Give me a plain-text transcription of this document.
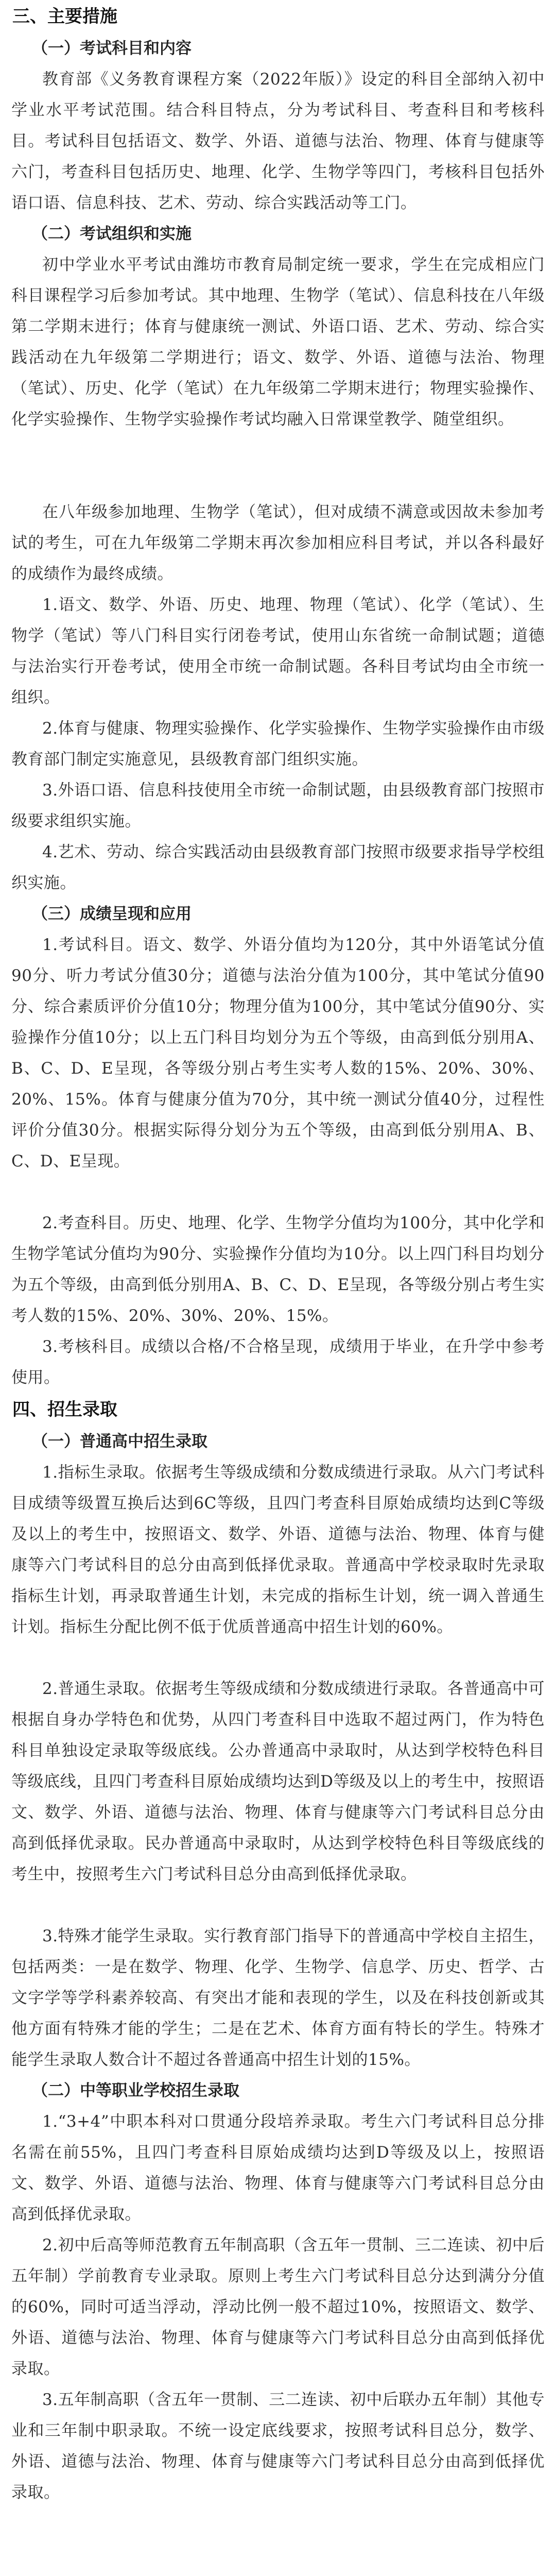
三、主要措施
（一）考试科目和内容

教育部《义务教育课程方案（2022年版）》设定的科目全部纳入初中学业水平考试范围。结合科目特点，分为考试科目、考查科目和考核科目。考试科目包括语文、数学、外语、道德与法治、物理、体育与健康等六门，考查科目包括历史、地理、化学、生物学等四门，考核科目包括外语口语、信息科技、艺术、劳动、综合实践活动等工门。

（二）考试组织和实施

初中学业水平考试由潍坊市教育局制定统一要求，学生在完成相应门科目课程学习后参加考试。其中地理、生物学（笔试）、信息科技在八年级第二学期末进行；体育与健康统一测试、外语口语、艺术、劳动、综合实践活动在九年级第二学期进行；语文、数学、外语、道德与法治、物理（笔试）、历史、化学（笔试）在九年级第二学期末进行；物理实验操作、化学实验操作、生物学实验操作考试均融入日常课堂教学、随堂组织。

在八年级参加地理、生物学（笔试），但对成绩不满意或因故未参加考试的考生，可在九年级第二学期末再次参加相应科目考试，并以各科最好的成绩作为最终成绩。

1.语文、数学、外语、历史、地理、物理（笔试）、化学（笔试）、生物学（笔试）等八门科目实行闭卷考试，使用山东省统一命制试题；道德与法治实行开卷考试，使用全市统一命制试题。各科目考试均由全市统一组织。

2.体育与健康、物理实验操作、化学实验操作、生物学实验操作由市级教育部门制定实施意见，县级教育部门组织实施。

3.外语口语、信息科技使用全市统一命制试题，由县级教育部门按照市级要求组织实施。

4.艺术、劳动、综合实践活动由县级教育部门按照市级要求指导学校组织实施。

（三）成绩呈现和应用

1.考试科目。语文、数学、外语分值均为120分，其中外语笔试分值90分、听力考试分值30分；道德与法治分值为100分，其中笔试分值90分、综合素质评价分值10分；物理分值为100分，其中笔试分值90分、实验操作分值10分；以上五门科目均划分为五个等级，由高到低分别用A、B、C、D、E呈现，各等级分别占考生实考人数的15%、20%、30%、20%、15%。体育与健康分值为70分，其中统一测试分值40分，过程性评价分值30分。根据实际得分划分为五个等级，由高到低分别用A、B、C、D、E呈现。

2.考查科目。历史、地理、化学、生物学分值均为100分，其中化学和生物学笔试分值均为90分、实验操作分值均为10分。以上四门科目均划分为五个等级，由高到低分别用A、B、C、D、E呈现，各等级分别占考生实考人数的15%、20%、30%、20%、15%。

3.考核科目。成绩以合格/不合格呈现，成绩用于毕业，在升学中参考使用。

四、招生录取
（一）普通高中招生录取

1.指标生录取。依据考生等级成绩和分数成绩进行录取。从六门考试科目成绩等级置互换后达到6C等级，且四门考查科目原始成绩均达到C等级及以上的考生中，按照语文、数学、外语、道德与法治、物理、体育与健康等六门考试科目的总分由高到低择优录取。普通高中学校录取时先录取指标生计划，再录取普通生计划，未完成的指标生计划，统一调入普通生计划。指标生分配比例不低于优质普通高中招生计划的60%。

2.普通生录取。依据考生等级成绩和分数成绩进行录取。各普通高中可根据自身办学特色和优势，从四门考查科目中选取不超过两门，作为特色科目单独设定录取等级底线。公办普通高中录取时，从达到学校特色科目等级底线，且四门考查科目原始成绩均达到D等级及以上的考生中，按照语文、数学、外语、道德与法治、物理、体育与健康等六门考试科目总分由高到低择优录取。民办普通高中录取时，从达到学校特色科目等级底线的考生中，按照考生六门考试科目总分由高到低择优录取。

3.特殊才能学生录取。实行教育部门指导下的普通高中学校自主招生，包括两类：一是在数学、物理、化学、生物学、信息学、历史、哲学、古文字学等学科素养较高、有突出才能和表现的学生，以及在科技创新或其他方面有特殊才能的学生；二是在艺术、体育方面有特长的学生。特殊才能学生录取人数合计不超过各普通高中招生计划的15%。

（二）中等职业学校招生录取

1.“3+4”中职本科对口贯通分段培养录取。考生六门考试科目总分排名需在前55%，且四门考查科目原始成绩均达到D等级及以上，按照语文、数学、外语、道德与法治、物理、体育与健康等六门考试科目总分由高到低择优录取。

2.初中后高等师范教育五年制高职（含五年一贯制、三二连读、初中后五年制）学前教育专业录取。原则上考生六门考试科目总分达到满分分值的60%，同时可适当浮动，浮动比例一般不超过10%，按照语文、数学、外语、道德与法治、物理、体育与健康等六门考试科目总分由高到低择优录取。

3.五年制高职（含五年一贯制、三二连读、初中后联办五年制）其他专业和三年制中职录取。不统一设定底线要求，按照考试科目总分，数学、外语、道德与法治、物理、体育与健康等六门考试科目总分由高到低择优录取。
